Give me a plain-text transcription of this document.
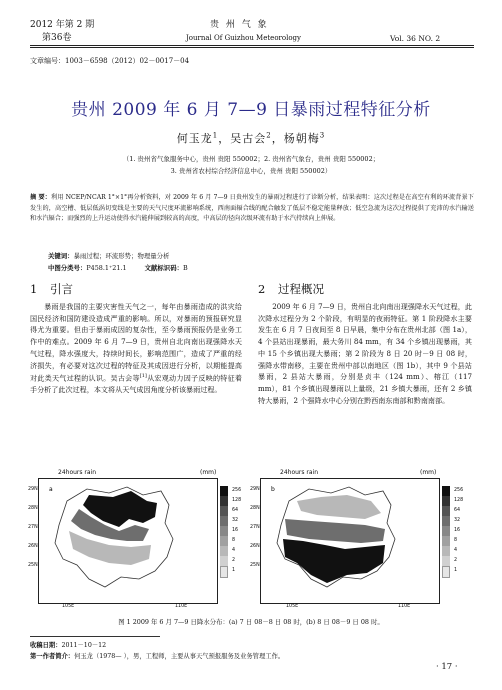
2012 年第 2 期
第36卷
贵 州 气 象
Journal Of Guizhou Meteorology	Vol. 36 NO. 2
文章编号：1003－6598（2012）02－0017－04
贵州 2009 年 6 月 7—9 日暴雨过程特征分析
何玉龙$^1$，吴古会$^2$，杨朝梅$^3$
（1. 贵州省气象服务中心，贵州 贵阳 550002；2. 贵州省气象台，贵州 贵阳 550002；
3. 贵州省农村综合经济信息中心，贵州 贵阳 550002）
摘 要：利用 NCEP/NCAR 1°×1°再分析资料，对 2009 年 6 月 7—9 日贵州发生的暴雨过程进行了诊断分析，结果表明：这次过程是在高空有利的环流背景下发生的，高空槽、低层低涡切变线是主要的天气尺度环流影响系统，西南面辐合线的配合触发了低层不稳定能量释放；低空急流为这次过程提供了充沛的水汽输送和水汽辐合；而强烈的上升运动使得水汽能伸展到较高的高度，中高层的径向次级环流有助于水汽持续向上伸展。
关键词：暴雨过程；环流形势；物理量分析
中图分类号：P458.1⁺21.1	文献标识码：B
1 引言	2 过程概况

暴雨是我国的主要灾害性天气之一，每年由暴雨造成的洪灾给国民经济和国防建设造成严重的影响。所以，对暴雨的预报研究显得尤为重要。但由于暴雨成因的复杂性，至今暴雨预报仍是业务工作中的难点。2009 年 6 月 7—9 日，贵州自北向南出现强降水天气过程，降水强度大，持续时间长，影响范围广，造成了严重的经济损失，有必要对这次过程的特征及其成因进行分析，以期能提高对此类天气过程的认识。吴古会等[1]从宏观动力因子反映的特征着手分析了此次过程，本文将从天气成因角度分析该暴雨过程。

2009 年 6 月 7—9 日，贵州自北向南出现强降水天气过程，此次降水过程分为 2 个阶段，有明显的夜雨特征。第 1 阶段降水主要发生在 6 月 7 日夜间至 8 日早晨，集中分布在贵州北部（图 1a），4 个县站出现暴雨，最大务川 84 mm，有 34 个乡镇出现暴雨，其中 15 个乡镇出现大暴雨；第 2 阶段为 8 日 20 时－9 日 08 时，强降水带南移，主要在贵州中部以南地区（图 1b），其中 9 个县站暴雨，2 县站大暴雨，分别是贞丰（124 mm）、榕江（117 mm），81 个乡镇出现暴雨以上量级，21 乡镇大暴雨，还有 2 乡镇特大暴雨，2 个强降水中心分别在黔西南东南部和黔南南部。

24hours rain	(mm)
a
29N
28N
27N
26N
25N
105E	110E
256
128
64
32
16
8
4
2
1
24hours rain	(mm)
b
29N
28N
27N
26N
25N
105E	110E
256
128
64
32
16
8
4
2
1
图 1 2009 年 6 月 7—9 日降水分布：(a) 7 日 08－8 日 08 时，(b) 8 日 08－9 日 08 时。
收稿日期：2011－10－12
第一作者简介：何玉龙（1978— ），男，工程师，主要从事天气预报服务及业务管理工作。
· 17 ·
